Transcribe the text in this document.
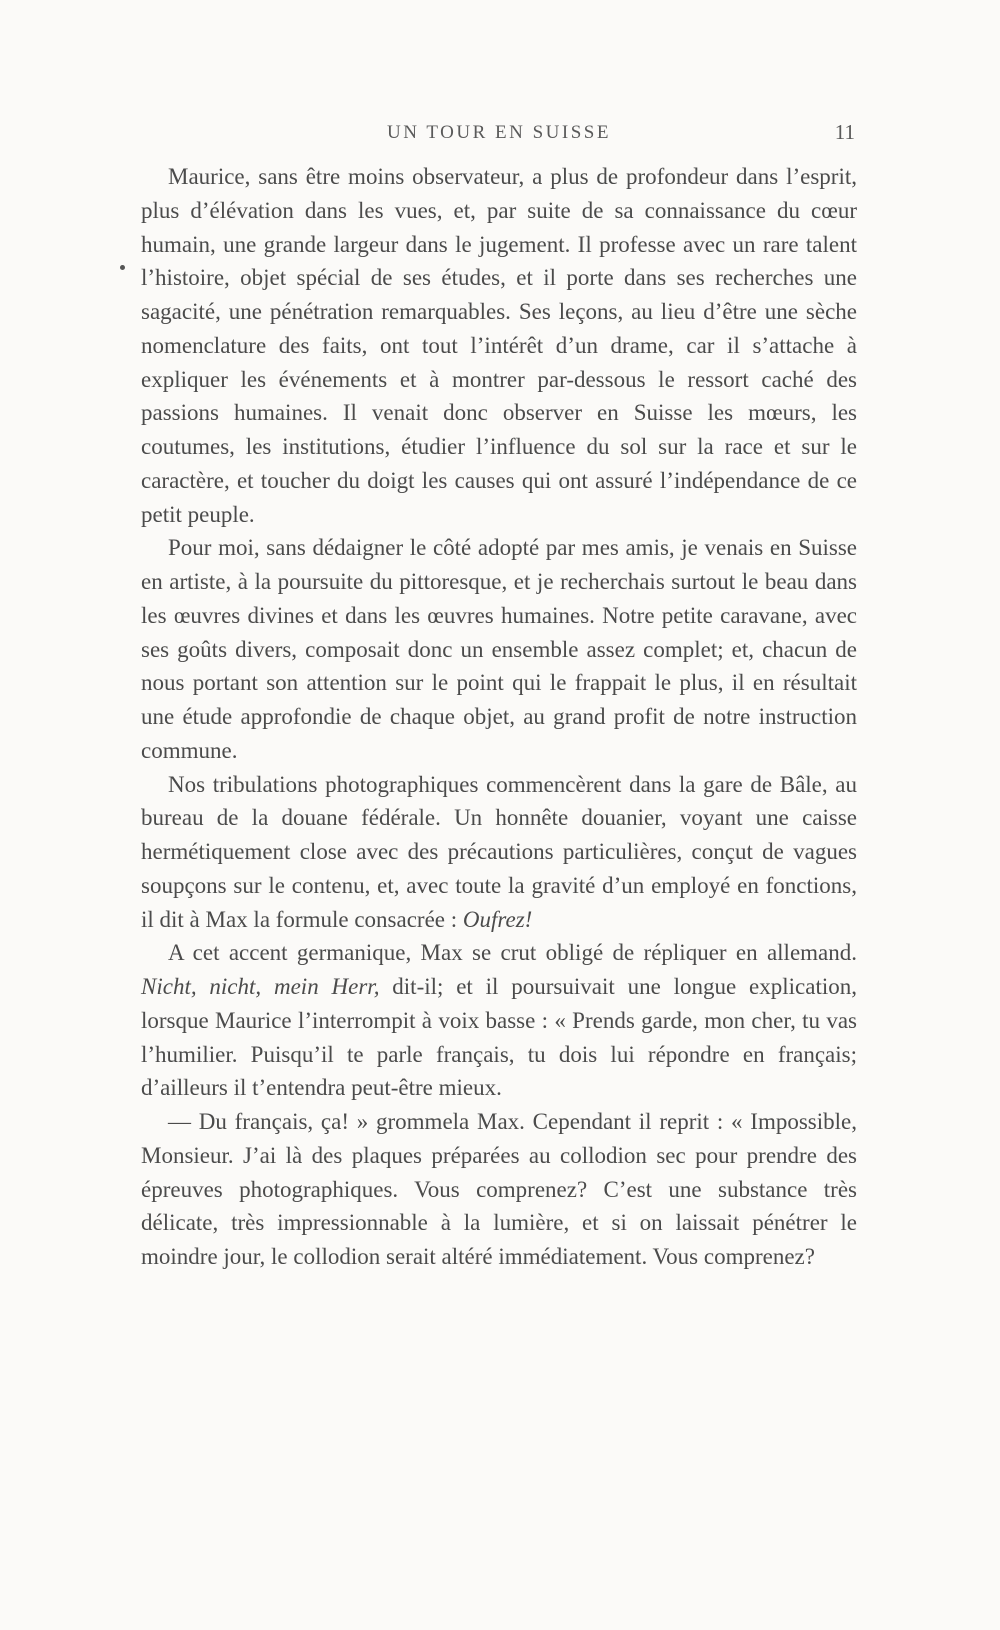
UN TOUR EN SUISSE	11

Maurice, sans être moins observateur, a plus de profondeur dans l’esprit, plus d’élévation dans les vues, et, par suite de sa connaissance du cœur humain, une grande largeur dans le jugement. Il professe avec un rare talent l’histoire, objet spécial de ses études, et il porte dans ses recherches une sagacité, une pénétration remarquables. Ses leçons, au lieu d’être une sèche nomenclature des faits, ont tout l’intérêt d’un drame, car il s’attache à expliquer les événements et à montrer par-dessous le ressort caché des passions humaines. Il venait donc observer en Suisse les mœurs, les coutumes, les institutions, étudier l’influence du sol sur la race et sur le caractère, et toucher du doigt les causes qui ont assuré l’indépendance de ce petit peuple.

Pour moi, sans dédaigner le côté adopté par mes amis, je venais en Suisse en artiste, à la poursuite du pittoresque, et je recherchais surtout le beau dans les œuvres divines et dans les œuvres humaines. Notre petite caravane, avec ses goûts divers, composait donc un ensemble assez complet; et, chacun de nous portant son attention sur le point qui le frappait le plus, il en résultait une étude approfondie de chaque objet, au grand profit de notre instruction commune.

Nos tribulations photographiques commencèrent dans la gare de Bâle, au bureau de la douane fédérale. Un honnête douanier, voyant une caisse hermétiquement close avec des précautions particulières, conçut de vagues soupçons sur le contenu, et, avec toute la gravité d’un employé en fonctions, il dit à Max la formule consacrée : Oufrez!

A cet accent germanique, Max se crut obligé de répliquer en allemand. Nicht, nicht, mein Herr, dit-il; et il poursuivait une longue explication, lorsque Maurice l’interrompit à voix basse : « Prends garde, mon cher, tu vas l’humilier. Puisqu’il te parle français, tu dois lui répondre en français; d’ailleurs il t’entendra peut-être mieux.

— Du français, ça! » grommela Max. Cependant il reprit : « Impossible, Monsieur. J’ai là des plaques préparées au collodion sec pour prendre des épreuves photographiques. Vous comprenez? C’est une substance très délicate, très impressionnable à la lumière, et si on laissait pénétrer le moindre jour, le collodion serait altéré immédiatement. Vous comprenez?
